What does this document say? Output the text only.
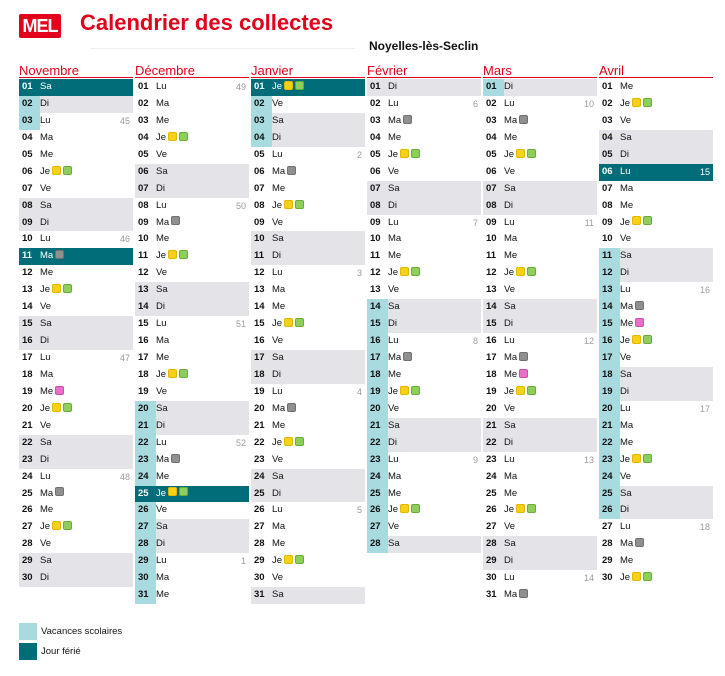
MEL Calendrier des collectes
Noyelles-lès-Seclin
Novembre
01 Sa
02 Di
03 Lu	45
04 Ma
05 Me
06 Je
07 Ve
08 Sa
09 Di
10 Lu	46
11 Ma
12 Me
13 Je
14 Ve
15 Sa
16 Di
17 Lu	47
18 Ma
19 Me
20 Je
21 Ve
22 Sa
23 Di
24 Lu	48
25 Ma
26 Me
27 Je
28 Ve
29 Sa
30 Di
Décembre
01 Lu	49
02 Ma
03 Me
04 Je
05 Ve
06 Sa
07 Di
08 Lu	50
09 Ma
10 Me
11 Je
12 Ve
13 Sa
14 Di
15 Lu	51
16 Ma
17 Me
18 Je
19 Ve
20 Sa
21 Di
22 Lu	52
23 Ma
24 Me
25 Je
26 Ve
27 Sa
28 Di
29 Lu	1
30 Ma
31 Me
Janvier
01 Je
02 Ve
03 Sa
04 Di
05 Lu	2
06 Ma
07 Me
08 Je
09 Ve
10 Sa
11 Di
12 Lu	3
13 Ma
14 Me
15 Je
16 Ve
17 Sa
18 Di
19 Lu	4
20 Ma
21 Me
22 Je
23 Ve
24 Sa
25 Di
26 Lu	5
27 Ma
28 Me
29 Je
30 Ve
31 Sa
Février
01 Di
02 Lu	6
03 Ma
04 Me
05 Je
06 Ve
07 Sa
08 Di
09 Lu	7
10 Ma
11 Me
12 Je
13 Ve
14 Sa
15 Di
16 Lu	8
17 Ma
18 Me
19 Je
20 Ve
21 Sa
22 Di
23 Lu	9
24 Ma
25 Me
26 Je
27 Ve
28 Sa
Mars
01 Di
02 Lu	10
03 Ma
04 Me
05 Je
06 Ve
07 Sa
08 Di
09 Lu	11
10 Ma
11 Me
12 Je
13 Ve
14 Sa
15 Di
16 Lu	12
17 Ma
18 Me
19 Je
20 Ve
21 Sa
22 Di
23 Lu	13
24 Ma
25 Me
26 Je
27 Ve
28 Sa
29 Di
30 Lu	14
31 Ma
Avril
01 Me
02 Je
03 Ve
04 Sa
05 Di
06 Lu	15
07 Ma
08 Me
09 Je
10 Ve
11 Sa
12 Di
13 Lu	16
14 Ma
15 Me
16 Je
17 Ve
18 Sa
19 Di
20 Lu	17
21 Ma
22 Me
23 Je
24 Ve
25 Sa
26 Di
27 Lu	18
28 Ma
29 Me
30 Je
Vacances scolaires
Jour férié
